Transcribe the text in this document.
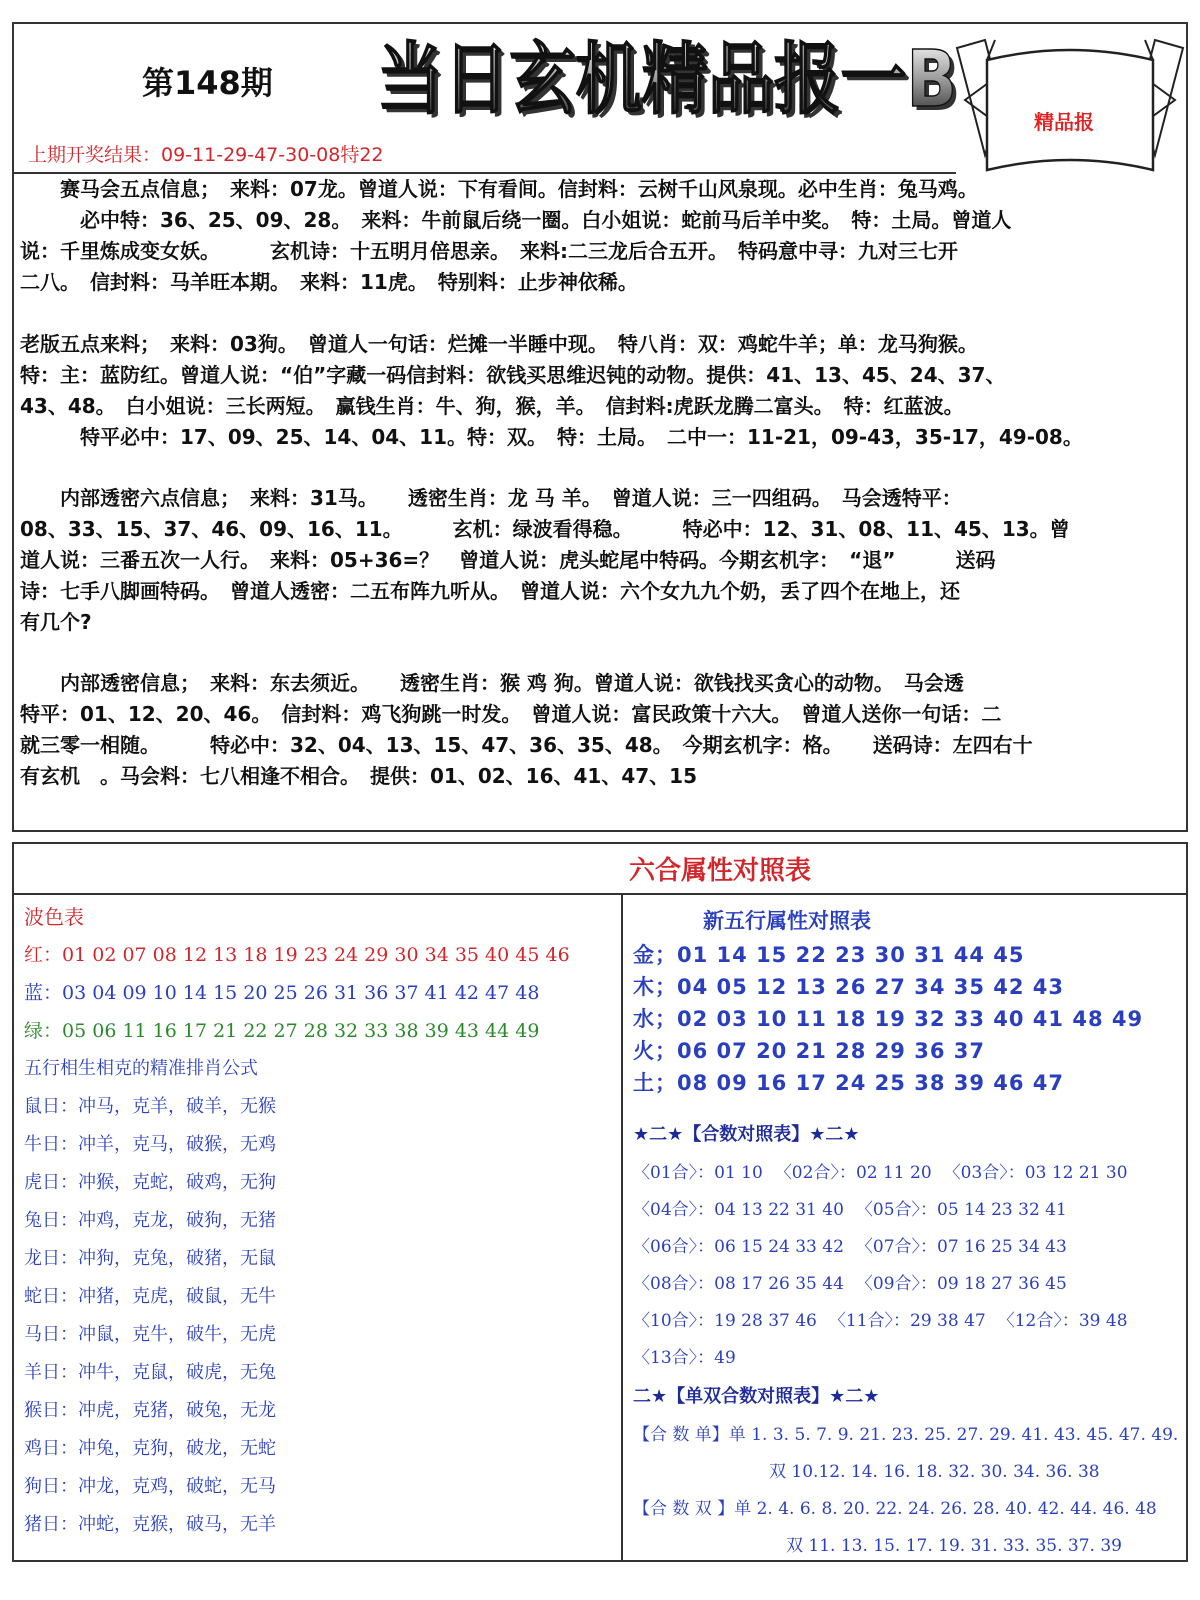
第148期 当日玄机精品报一B
当日玄机精品报一B	精品报
上期开奖结果：09-11-29-47-30-08特22
　　赛马会五点信息；　来料：07龙。曾道人说：下有看间。信封料：云树千山风泉现。必中生肖：兔马鸡。
　　　必中特：36、25、09、28。　来料：牛前鼠后绕一圈。白小姐说：蛇前马后羊中奖。　特：土局。曾道人
说：千里炼成变女妖。　　　玄机诗：十五明月倍思亲。　来料:二三龙后合五开。　特码意中寻：九对三七开
二八。　信封料：马羊旺本期。　来料：11虎。　特别料：止步神依稀。
老版五点来料；　来料：03狗。　曾道人一句话：烂摊一半睡中现。　特八肖：双：鸡蛇牛羊；单：龙马狗猴。
特：主：蓝防红。曾道人说：“伯”字藏一码信封料：欲钱买思维迟钝的动物。提供：41、13、45、24、37、
43、48。　白小姐说：三长两短。　赢钱生肖：牛、狗，猴，羊。　信封料:虎跃龙腾二富头。　特：红蓝波。
　　　特平必中：17、09、25、14、04、11。特：双。　特：土局。　二中一：11-21，09-43，35-17，49-08。
　　内部透密六点信息；　来料：31马。　　透密生肖：龙 马 羊。　曾道人说：三一四组码。　马会透特平：
08、33、15、37、46、09、16、11。　　　玄机：绿波看得稳。　　　特必中：12、31、08、11、45、13。曾
道人说：三番五次一人行。　来料：05+36=？　曾道人说：虎头蛇尾中特码。今期玄机字：　“退”　　　送码
诗：七手八脚画特码。　曾道人透密：二五布阵九听从。　曾道人说：六个女九九个奶，丢了四个在地上，还
有几个?
　　内部透密信息；　来料：东去须近。　　透密生肖：猴 鸡 狗。曾道人说：欲钱找买贪心的动物。　马会透
特平：01、12、20、46。　信封料：鸡飞狗跳一时发。　曾道人说：富民政策十六大。　曾道人送你一句话：二
就三零一相随。　　　特必中：32、04、13、15、47、36、35、48。　今期玄机字：格。　　送码诗：左四右十
有玄机　。马会料：七八相逢不相合。　提供：01、02、16、41、47、15
六合属性对照表
波色表
红：01 02 07 08 12 13 18 19 23 24 29 30 34 35 40 45 46
蓝：03 04 09 10 14 15 20 25 26 31 36 37 41 42 47 48
绿：05 06 11 16 17 21 22 27 28 32 33 38 39 43 44 49
五行相生相克的精准排肖公式
鼠日：冲马，克羊，破羊，无猴
牛日：冲羊，克马，破猴，无鸡
虎日：冲猴，克蛇，破鸡，无狗
兔日：冲鸡，克龙，破狗，无猪
龙日：冲狗，克兔，破猪，无鼠
蛇日：冲猪，克虎，破鼠，无牛
马日：冲鼠，克牛，破牛，无虎
羊日：冲牛，克鼠，破虎，无兔
猴日：冲虎，克猪，破兔，无龙
鸡日：冲兔，克狗，破龙，无蛇
狗日：冲龙，克鸡，破蛇，无马
猪日：冲蛇，克猴，破马，无羊
新五行属性对照表
金；01 14 15 22 23 30 31 44 45
木；04 05 12 13 26 27 34 35 42 43
水；02 03 10 11 18 19 32 33 40 41 48 49
火；06 07 20 21 28 29 36 37
土；08 09 16 17 24 25 38 39 46 47
★二★【合数对照表】★二★
〈01合〉：01 10 〈02合〉：02 11 20 〈03合〉：03 12 21 30
〈04合〉：04 13 22 31 40 〈05合〉：05 14 23 32 41
〈06合〉：06 15 24 33 42 〈07合〉：07 16 25 34 43
〈08合〉：08 17 26 35 44 〈09合〉：09 18 27 36 45
〈10合〉：19 28 37 46 〈11合〉：29 38 47 〈12合〉：39 48
〈13合〉：49
二★【单双合数对照表】★二★
【合 数 单】单 1. 3. 5. 7. 9. 21. 23. 25. 27. 29. 41. 43. 45. 47. 49.
　　　　　　　　双 10.12. 14. 16. 18. 32. 30. 34. 36. 38
【合 数 双 】单 2. 4. 6. 8. 20. 22. 24. 26. 28. 40. 42. 44. 46. 48
　　　　　　　　　双 11. 13. 15. 17. 19. 31. 33. 35. 37. 39
